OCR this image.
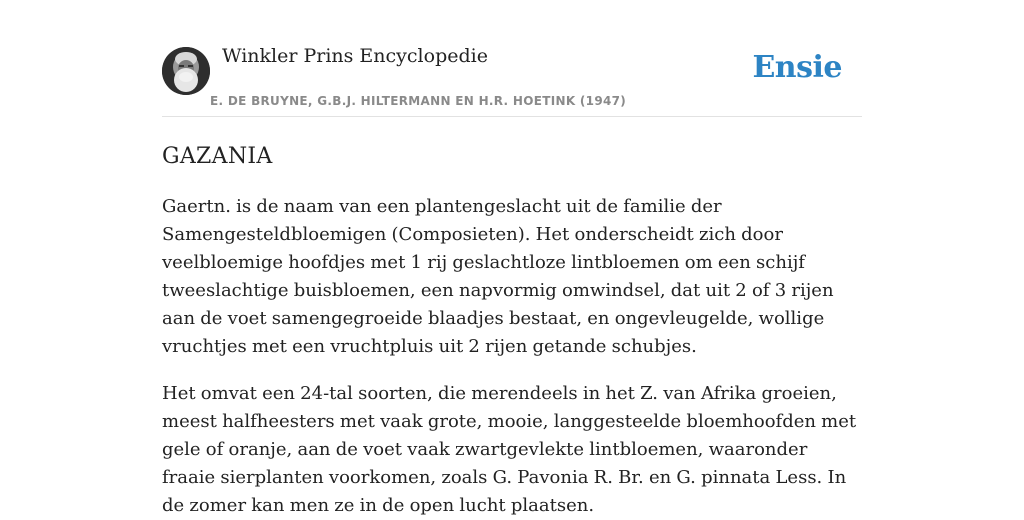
Winkler Prins Encyclopedie
E. DE BRUYNE, G.B.J. HILTERMANN EN H.R. HOETINK (1947)
Ensie
GAZANIA

Gaertn. is de naam van een plantengeslacht uit de familie der Samengesteldbloemigen (Composieten). Het onderscheidt zich door veelbloemige hoofdjes met 1 rij geslachtloze lintbloemen om een schijf tweeslachtige buisbloemen, een napvormig omwindsel, dat uit 2 of 3 rijen aan de voet samengegroeide blaadjes bestaat, en ongevleugelde, wollige vruchtjes met een vruchtpluis uit 2 rijen getande schubjes.

Het omvat een 24-tal soorten, die merendeels in het Z. van Afrika groeien, meest halfheesters met vaak grote, mooie, langgesteelde bloemhoofden met gele of oranje, aan de voet vaak zwartgevlekte lintbloemen, waaronder fraaie sierplanten voorkomen, zoals G. Pavonia R. Br. en G. pinnata Less. In de zomer kan men ze in de open lucht plaatsen.
